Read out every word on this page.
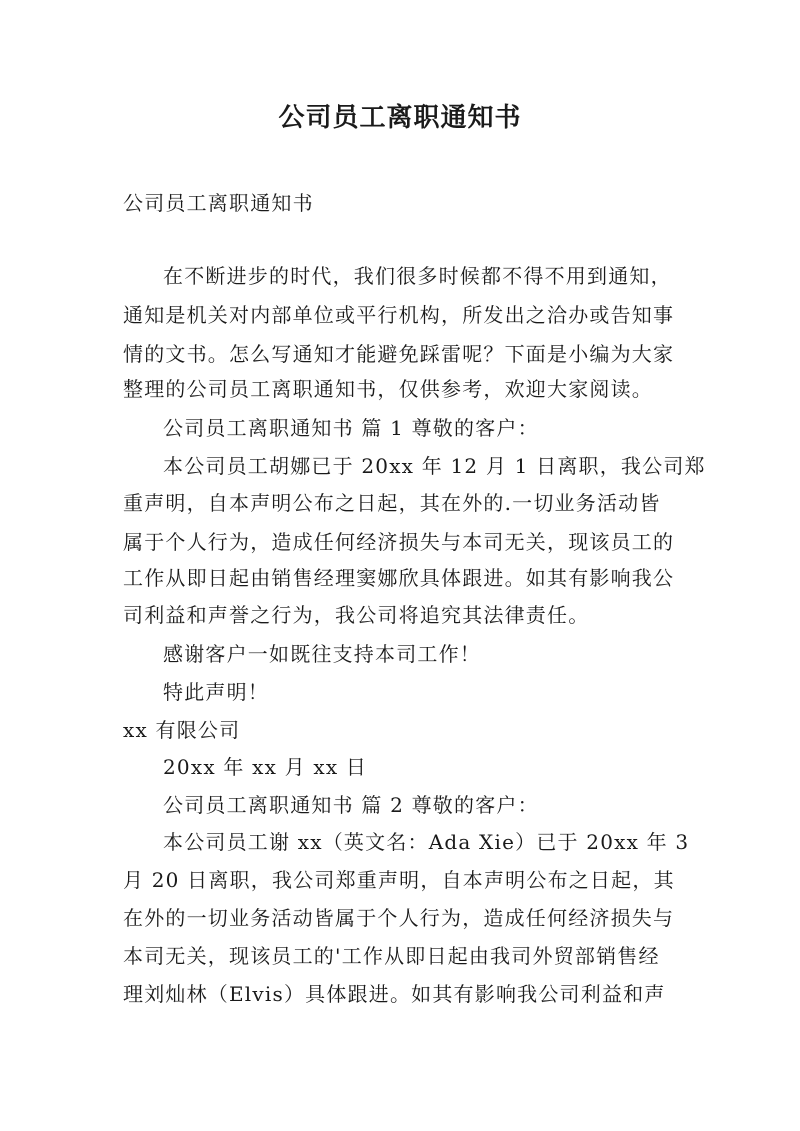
公司员工离职通知书
公司员工离职通知书
在不断进步的时代，我们很多时候都不得不用到通知，
通知是机关对内部单位或平行机构，所发出之洽办或告知事
情的文书。怎么写通知才能避免踩雷呢？下面是小编为大家
整理的公司员工离职通知书，仅供参考，欢迎大家阅读。
公司员工离职通知书 篇 1 尊敬的客户：
本公司员工胡娜已于 20xx 年 12 月 1 日离职，我公司郑
重声明，自本声明公布之日起，其在外的.一切业务活动皆
属于个人行为，造成任何经济损失与本司无关，现该员工的
工作从即日起由销售经理窦娜欣具体跟进。如其有影响我公
司利益和声誉之行为，我公司将追究其法律责任。
感谢客户一如既往支持本司工作！
特此声明！
xx 有限公司
20xx 年 xx 月 xx 日
公司员工离职通知书 篇 2 尊敬的客户：
本公司员工谢 xx（英文名：Ada Xie）已于 20xx 年 3
月 20 日离职，我公司郑重声明，自本声明公布之日起，其
在外的一切业务活动皆属于个人行为，造成任何经济损失与
本司无关，现该员工的'工作从即日起由我司外贸部销售经
理刘灿林（Elvis）具体跟进。如其有影响我公司利益和声
